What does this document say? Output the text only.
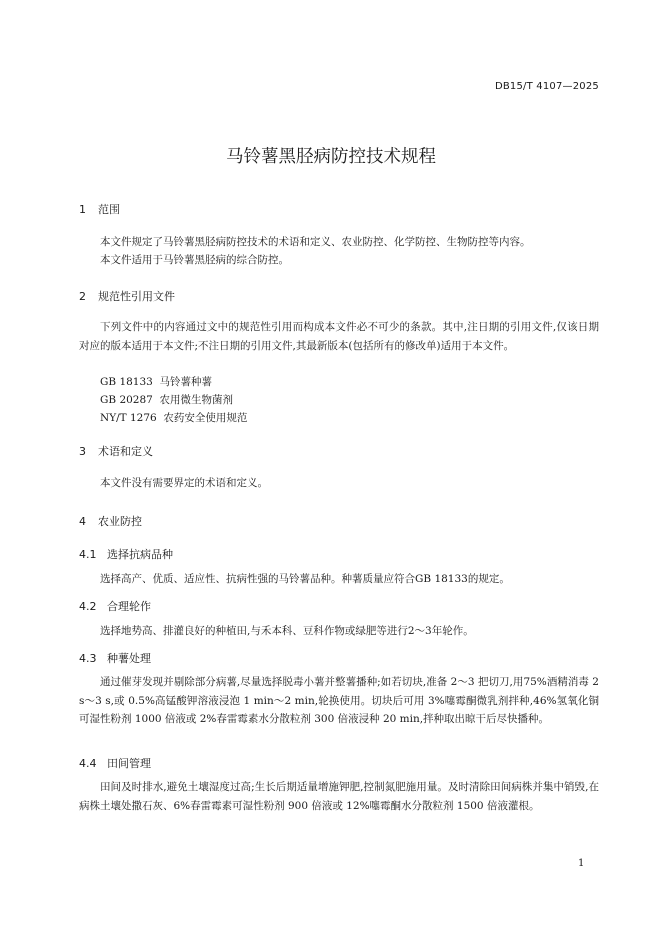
DB15/T 4107—2025
马铃薯黑胫病防控技术规程
1 范围

本文件规定了马铃薯黑胫病防控技术的术语和定义、农业防控、化学防控、生物防控等内容。

本文件适用于马铃薯黑胫病的综合防控。

2 规范性引用文件

下列文件中的内容通过文中的规范性引用而构成本文件必不可少的条款。其中,注日期的引用文件,仅该日期对应的版本适用于本文件;不注日期的引用文件,其最新版本(包括所有的修改单)适用于本文件。

GB 18133  马铃薯种薯
GB 20287  农用微生物菌剂
NY/T 1276  农药安全使用规范
3 术语和定义

本文件没有需要界定的术语和定义。

4 农业防控
4.1 选择抗病品种

选择高产、优质、适应性、抗病性强的马铃薯品种。种薯质量应符合GB 18133的规定。

4.2 合理轮作

选择地势高、排灌良好的种植田,与禾本科、豆科作物或绿肥等进行2～3年轮作。

4.3 种薯处理

通过催芽发现并剔除部分病薯,尽量选择脱毒小薯并整薯播种;如若切块,准备 2～3 把切刀,用75%酒精消毒 2 s～3 s,或 0.5%高锰酸钾溶液浸泡 1 min～2 min,轮换使用。切块后可用 3%噻霉酮微乳剂拌种,46%氢氧化铜可湿性粉剂 1000 倍液或 2%春雷霉素水分散粒剂 300 倍液浸种 20 min,拌种取出晾干后尽快播种。

4.4 田间管理

田间及时排水,避免土壤湿度过高;生长后期适量增施钾肥,控制氮肥施用量。及时清除田间病株并集中销毁,在病株土壤处撒石灰、6%春雷霉素可湿性粉剂 900 倍液或 12%噻霉酮水分散粒剂 1500 倍液灌根。

1
